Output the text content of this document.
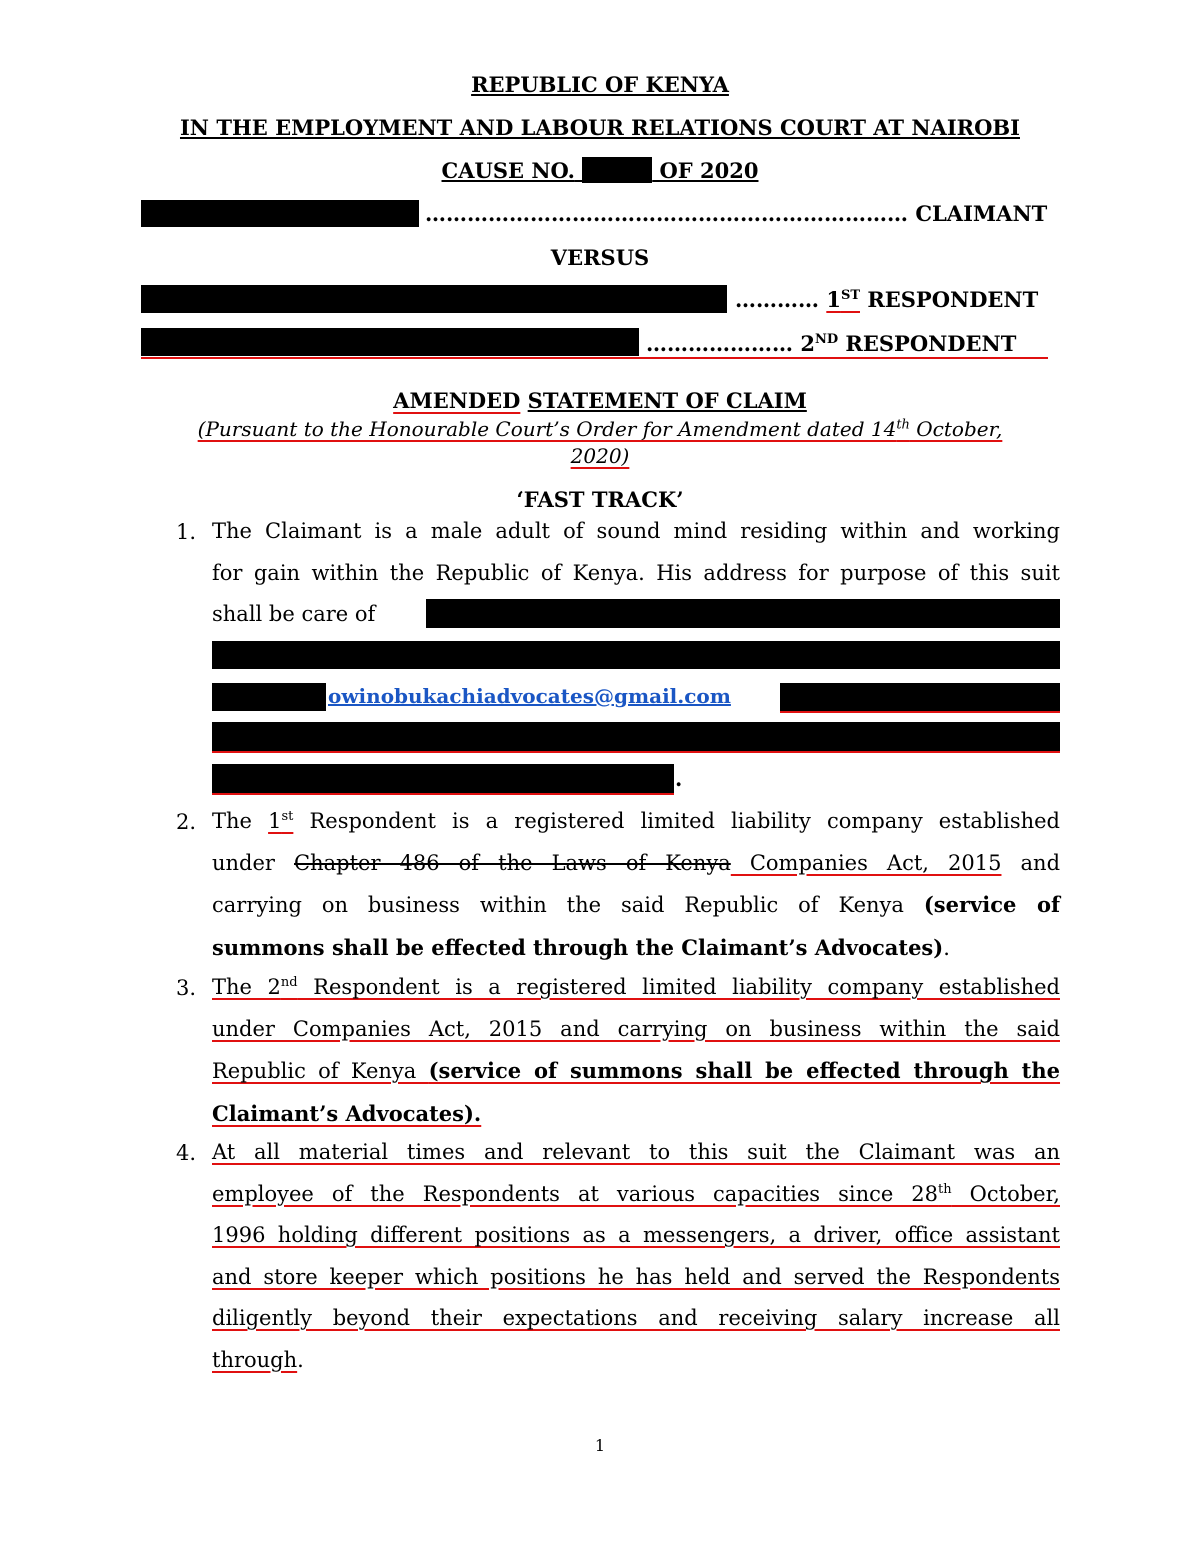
REPUBLIC OF KENYA
IN THE EMPLOYMENT AND LABOUR RELATIONS COURT AT NAIROBI
CAUSE NO.	OF 2020
…………………………………………………………… CLAIMANT
VERSUS
………… 1ST RESPONDENT
………………… 2ND RESPONDENT
AMENDED STATEMENT OF CLAIM
(Pursuant to the Honourable Court’s Order for Amendment dated 14th October,
2020)
‘FAST TRACK’
1. The Claimant is a male adult of sound mind residing within and working
for gain within the Republic of Kenya. His address for purpose of this suit
shall be care of
owinobukachiadvocates@gmail.com
.
2. The 1st Respondent is a registered limited liability company established
under Chapter 486 of the Laws of Kenya Companies Act, 2015 and
carrying on business within the said Republic of Kenya (service of
summons shall be effected through the Claimant’s Advocates).
3. The 2nd Respondent is a registered limited liability company established
under Companies Act, 2015 and carrying on business within the said
Republic of Kenya (service of summons shall be effected through the
Claimant’s Advocates).
4. At all material times and relevant to this suit the Claimant was an
employee of the Respondents at various capacities since 28th October,
1996 holding different positions as a messengers, a driver, office assistant
and store keeper which positions he has held and served the Respondents
diligently beyond their expectations and receiving salary increase all
through.
1
